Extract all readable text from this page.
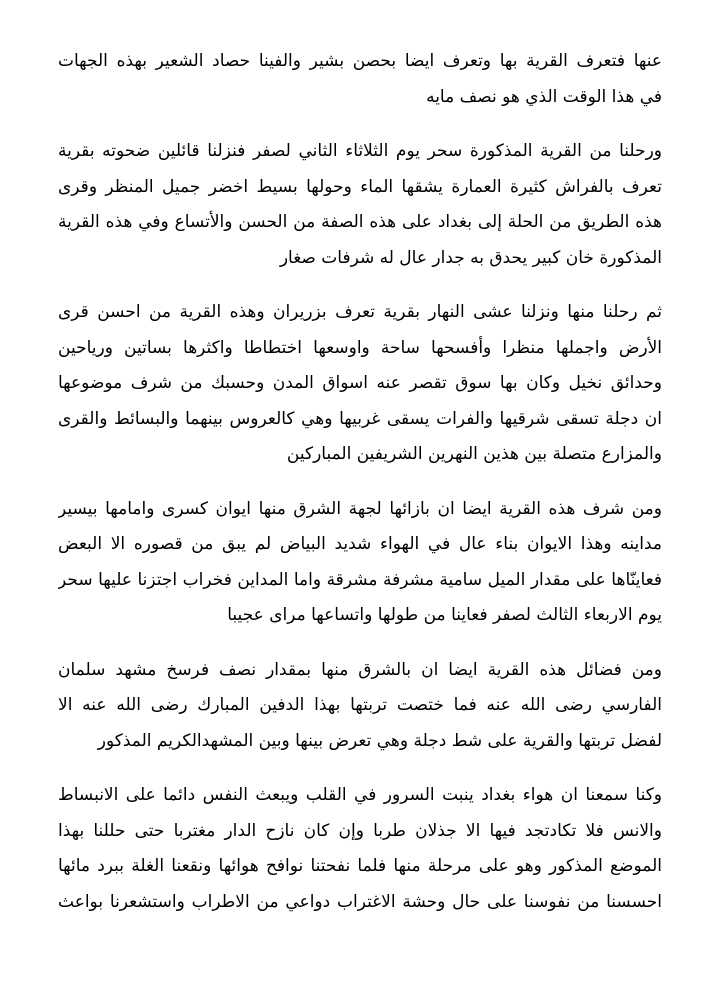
عنها فتعرف القرية بها وتعرف ايضا بحصن بشير والفينا حصاد الشعير بهذه الجهات
في هذا الوقت الذي هو نصف مايه

ورحلنا من القرية المذكورة سحر يوم الثلاثاء الثاني لصفر فنزلنا قائلين ضحوته بقرية
تعرف بالفراش كثيرة العمارة يشقها الماء وحولها بسيط اخضر جميل المنظر وقرى
هذه الطريق من الحلة إلى بغداد على هذه الصفة من الحسن والأتساع وفي هذه القرية
المذكورة خان كبير يحدق به جدار عال له شرفات صغار

ثم رحلنا منها ونزلنا عشى النهار بقرية تعرف بزريران وهذه القرية من احسن قرى
الأرض واجملها منظرا وأفسحها ساحة واوسعها اختطاطا واكثرها بساتين ورياحين
وحدائق نخيل وكان بها سوق تقصر عنه اسواق المدن وحسبك من شرف موضوعها
ان دجلة تسقى شرقيها والفرات يسقى غربيها وهي كالعروس بينهما والبسائط والقرى
والمزارع متصلة بين هذين النهرين الشريفين المباركين

ومن شرف هذه القرية ايضا ان بازائها لجهة الشرق منها ايوان كسرى وامامها بيسير
مداينه وهذا الايوان بناء عال في الهواء شديد البياض لم يبق من قصوره الا البعض
فعاينّاها على مقدار الميل سامية مشرفة مشرقة واما المداين فخراب اجتزنا عليها سحر
يوم الاربعاء الثالث لصفر فعاينا من طولها واتساعها مراى عجيبا

ومن فضائل هذه القرية ايضا ان بالشرق منها بمقدار نصف فرسخ مشهد سلمان
الفارسي رضى الله عنه فما ختصت تربتها بهذا الدفين المبارك رضى الله عنه الا
لفضل تربتها والقرية على شط دجلة وهي تعرض بينها وبين المشهدالكريم المذكور

وكنا سمعنا ان هواء بغداد ينبت السرور في القلب ويبعث النفس دائما على الانبساط
والانس فلا تكادتجد فيها الا جذلان طربا وإن كان نازح الدار مغتربا حتى حللنا بهذا
الموضع المذكور وهو على مرحلة منها فلما نفحتنا نوافح هوائها ونقعنا الغلة ببرد مائها
احسسنا من نفوسنا على حال وحشة الاغتراب دواعي من الاطراب واستشعرنا بواعث
